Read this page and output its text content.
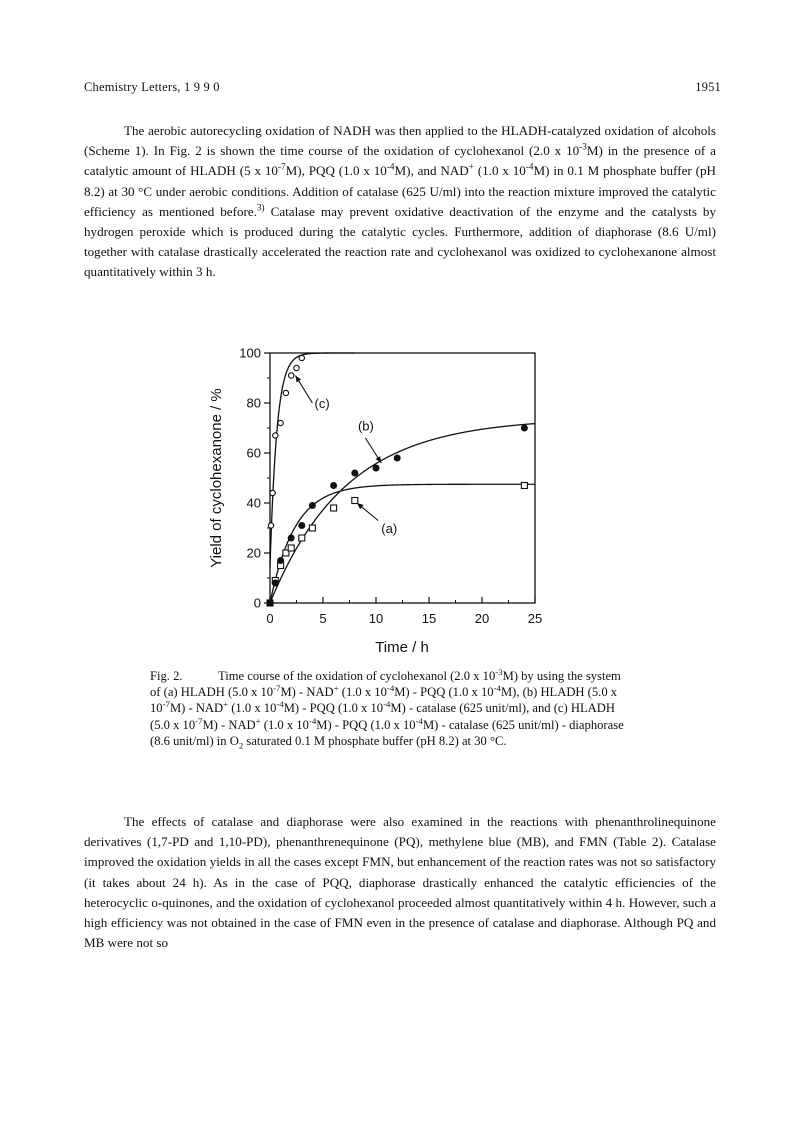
Chemistry Letters, 1 9 9 0	1951

The aerobic autorecycling oxidation of NADH was then applied to the HLADH-catalyzed oxidation of alcohols (Scheme 1). In Fig. 2 is shown the time course of the oxidation of cyclohexanol (2.0 x $10^{-3}M$) in the presence of a catalytic amount of HLADH (5 x $10^{-7}M$), PQQ (1.0 x $10^{-4}M$), and NAD+ (1.0 x $10^{-4}M$) in 0.1 M phosphate buffer (pH 8.2) at 30 °C under aerobic conditions. Addition of catalase (625 U/ml) into the reaction mixture improved the catalytic efficiency as mentioned before.$^{3)}$ Catalase may prevent oxidative deactivation of the enzyme and the catalysts by hydrogen peroxide which is produced during the catalytic cycles. Furthermore, addition of diaphorase (8.6 U/ml) together with catalase drastically accelerated the reaction rate and cyclohexanol was oxidized to cyclohexanone almost quantitatively within 3 h.

0	5	10	15	20	25
0
20
40
60
80
100
(a)
(b)
(c)
Time / h
Yield of cyclohexanone / %

Fig. 2.	Time course of the oxidation of cyclohexanol (2.0 x $10^{-3}M$) by using the system of (a) HLADH (5.0 x $10^{-7}M) - NAD^+$ (1.0 x $10^{-4}M$) - PQQ (1.0 x $10^{-4}M$), (b) HLADH (5.0 x $10^{-7}M) - NAD^+$ (1.0 x $10^{-4}M$) - PQQ (1.0 x $10^{-4}M$) - catalase (625 unit/ml), and (c) HLADH (5.0 x $10^{-7}M) - NAD^+$ (1.0 x $10^{-4}M$) - PQQ (1.0 x $10^{-4}M$) - catalase (625 unit/ml) - diaphorase (8.6 unit/ml) in $O_2$ saturated 0.1 M phosphate buffer (pH 8.2) at 30 °C.

The effects of catalase and diaphorase were also examined in the reactions with phenanthrolinequinone derivatives (1,7-PD and 1,10-PD), phenanthrenequinone (PQ), methylene blue (MB), and FMN (Table 2). Catalase improved the oxidation yields in all the cases except FMN, but enhancement of the reaction rates was not so satisfactory (it takes about 24 h). As in the case of PQQ, diaphorase drastically enhanced the catalytic efficiencies of the heterocyclic o-quinones, and the oxidation of cyclohexanol proceeded almost quantitatively within 4 h. However, such a high efficiency was not obtained in the case of FMN even in the presence of catalase and diaphorase. Although PQ and MB were not so
